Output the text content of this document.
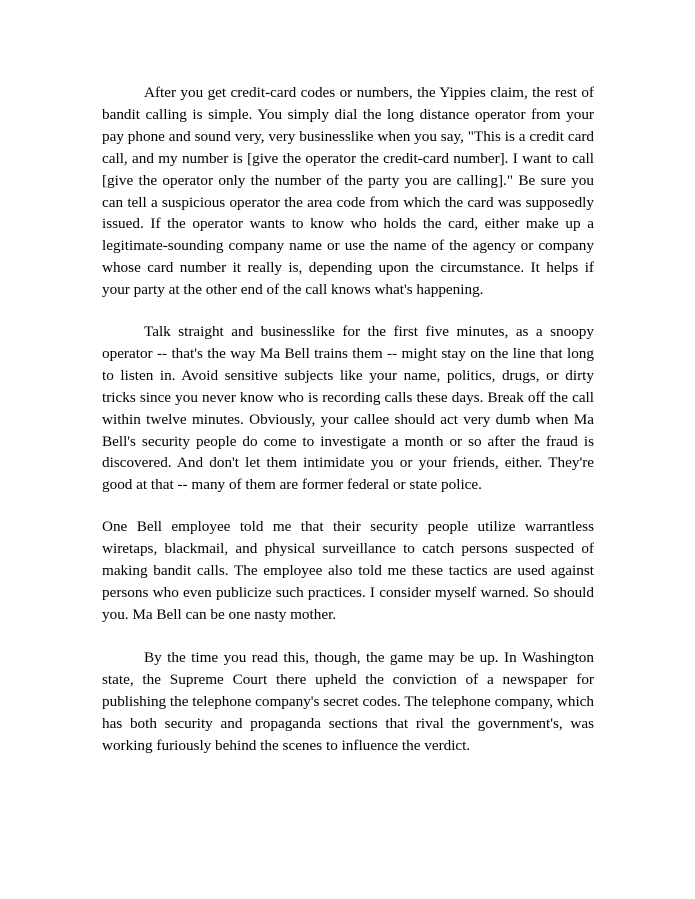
After you get credit-card codes or numbers, the Yippies claim, the rest of bandit calling is simple. You simply dial the long distance operator from your pay phone and sound very, very businesslike when you say, "This is a credit card call, and my number is [give the operator the credit-card number]. I want to call [give the operator only the number of the party you are calling]." Be sure you can tell a suspicious operator the area code from which the card was supposedly issued. If the operator wants to know who holds the card, either make up a legitimate-sounding company name or use the name of the agency or company whose card number it really is, depending upon the circumstance. It helps if your party at the other end of the call knows what's happening.

Talk straight and businesslike for the first five minutes, as a snoopy operator -- that's the way Ma Bell trains them -- might stay on the line that long to listen in. Avoid sensitive subjects like your name, politics, drugs, or dirty tricks since you never know who is recording calls these days. Break off the call within twelve minutes. Obviously, your callee should act very dumb when Ma Bell's security people do come to investigate a month or so after the fraud is discovered. And don't let them intimidate you or your friends, either. They're good at that -- many of them are former federal or state police.

One Bell employee told me that their security people utilize warrantless wiretaps, blackmail, and physical surveillance to catch persons suspected of making bandit calls. The employee also told me these tactics are used against persons who even publicize such practices. I consider myself warned. So should you. Ma Bell can be one nasty mother.

By the time you read this, though, the game may be up. In Washington state, the Supreme Court there upheld the conviction of a newspaper for publishing the telephone company's secret codes. The telephone company, which has both security and propaganda sections that rival the government's, was working furiously behind the scenes to influence the verdict.
